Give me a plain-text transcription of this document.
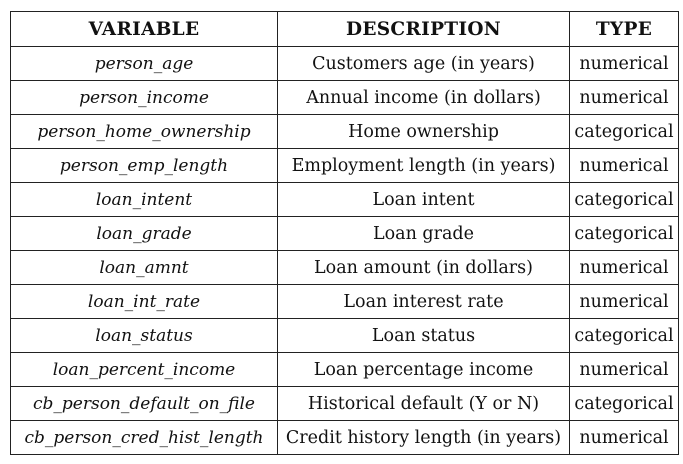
VARIABLE	DESCRIPTION	TYPE
person_age	Customers age (in years)	numerical
person_income	Annual income (in dollars)	numerical
person_home_ownership	Home ownership	categorical
person_emp_length	Employment length (in years)	numerical
loan_intent	Loan intent	categorical
loan_grade	Loan grade	categorical
loan_amnt	Loan amount (in dollars)	numerical
loan_int_rate	Loan interest rate	numerical
loan_status	Loan status	categorical
loan_percent_income	Loan percentage income	numerical
cb_person_default_on_file	Historical default (Y or N)	categorical
cb_person_cred_hist_length	Credit history length (in years)	numerical
